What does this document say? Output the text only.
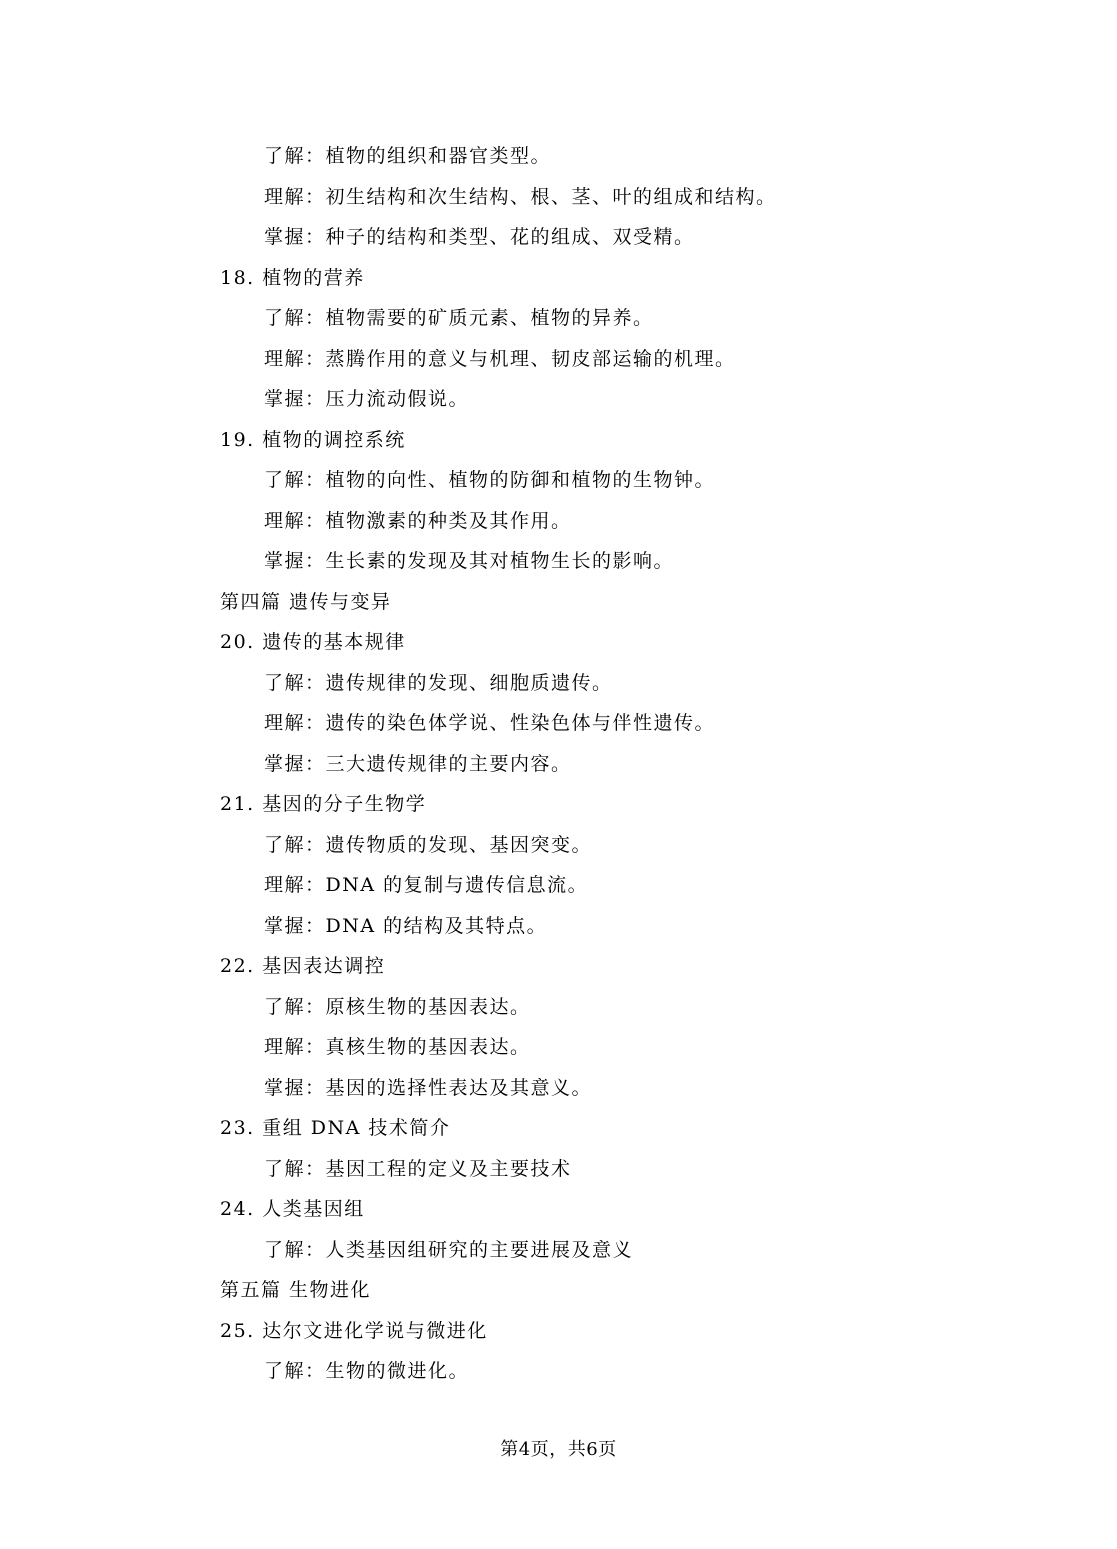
了解：植物的组织和器官类型。
理解：初生结构和次生结构、根、茎、叶的组成和结构。
掌握：种子的结构和类型、花的组成、双受精。
18. 植物的营养
了解：植物需要的矿质元素、植物的异养。
理解：蒸腾作用的意义与机理、韧皮部运输的机理。
掌握：压力流动假说。
19. 植物的调控系统
了解：植物的向性、植物的防御和植物的生物钟。
理解：植物激素的种类及其作用。
掌握：生长素的发现及其对植物生长的影响。
第四篇 遗传与变异
20. 遗传的基本规律
了解：遗传规律的发现、细胞质遗传。
理解：遗传的染色体学说、性染色体与伴性遗传。
掌握：三大遗传规律的主要内容。
21. 基因的分子生物学
了解：遗传物质的发现、基因突变。
理解：DNA 的复制与遗传信息流。
掌握：DNA 的结构及其特点。
22. 基因表达调控
了解：原核生物的基因表达。
理解：真核生物的基因表达。
掌握：基因的选择性表达及其意义。
23. 重组 DNA 技术简介
了解：基因工程的定义及主要技术
24. 人类基因组
了解：人类基因组研究的主要进展及意义
第五篇 生物进化
25. 达尔文进化学说与微进化
了解：生物的微进化。
第4页，共6页
